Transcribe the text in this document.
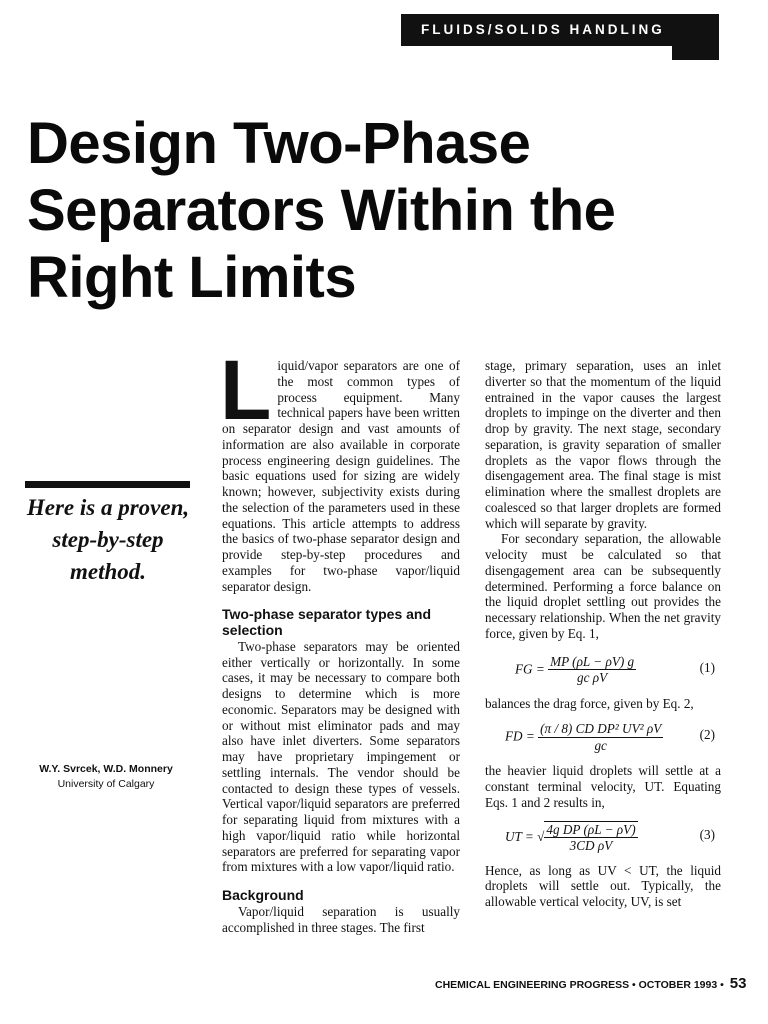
FLUIDS/SOLIDS HANDLING
Design Two-Phase Separators Within the Right Limits
Here is a proven,
step-by-step
method.
W.Y. Svrcek, W.D. Monnery
University of Calgary

Liquid/vapor separators are one of the most common types of process equipment. Many technical papers have been written on separator design and vast amounts of information are also available in corporate process engineering design guidelines. The basic equations used for sizing are widely known; however, subjectivity exists during the selection of the parameters used in these equations. This article attempts to address the basics of two-phase separator design and provide step-by-step procedures and examples for two-phase vapor/liquid separator design.

Two-phase separator types and selection

Two-phase separators may be oriented either vertically or horizontally. In some cases, it may be necessary to compare both designs to determine which is more economic. Separators may be designed with or without mist eliminator pads and may also have inlet diverters. Some separators may have proprietary impingement or settling internals. The vendor should be contacted to design these types of vessels. Vertical vapor/liquid separators are preferred for separating liquid from mixtures with a high vapor/liquid ratio while horizontal separators are preferred for separating vapor from mixtures with a low vapor/liquid ratio.

Background

Vapor/liquid separation is usually accomplished in three stages. The first

stage, primary separation, uses an inlet diverter so that the momentum of the liquid entrained in the vapor causes the largest droplets to impinge on the diverter and then drop by gravity. The next stage, secondary separation, is gravity separation of smaller droplets as the vapor flows through the disengagement area. The final stage is mist elimination where the smallest droplets are coalesced so that larger droplets are formed which will separate by gravity.

For secondary separation, the allowable velocity must be calculated so that disengagement area can be subsequently determined. Performing a force balance on the liquid droplet settling out provides the necessary relationship. When the net gravity force, given by Eq. 1,

FG = $\frac{MP (\rho L - \rho V) g}{\text{gc ρV}}$	(1)

balances the drag force, given by Eq. 2,

FD = $\frac{\text{(π / 8) CD DP² UV² ρV}}{gc}$	(2)

the heavier liquid droplets will settle at a constant terminal velocity, UT. Equating Eqs. 1 and 2 results in,

UT = √ $\frac{\text{4g DP (ρL − ρV)}}{\text{3CD ρV}}$	(3)

Hence, as long as UV < UT, the liquid droplets will settle out. Typically, the allowable vertical velocity, UV, is set

CHEMICAL ENGINEERING PROGRESS • OCTOBER 1993 • 53
